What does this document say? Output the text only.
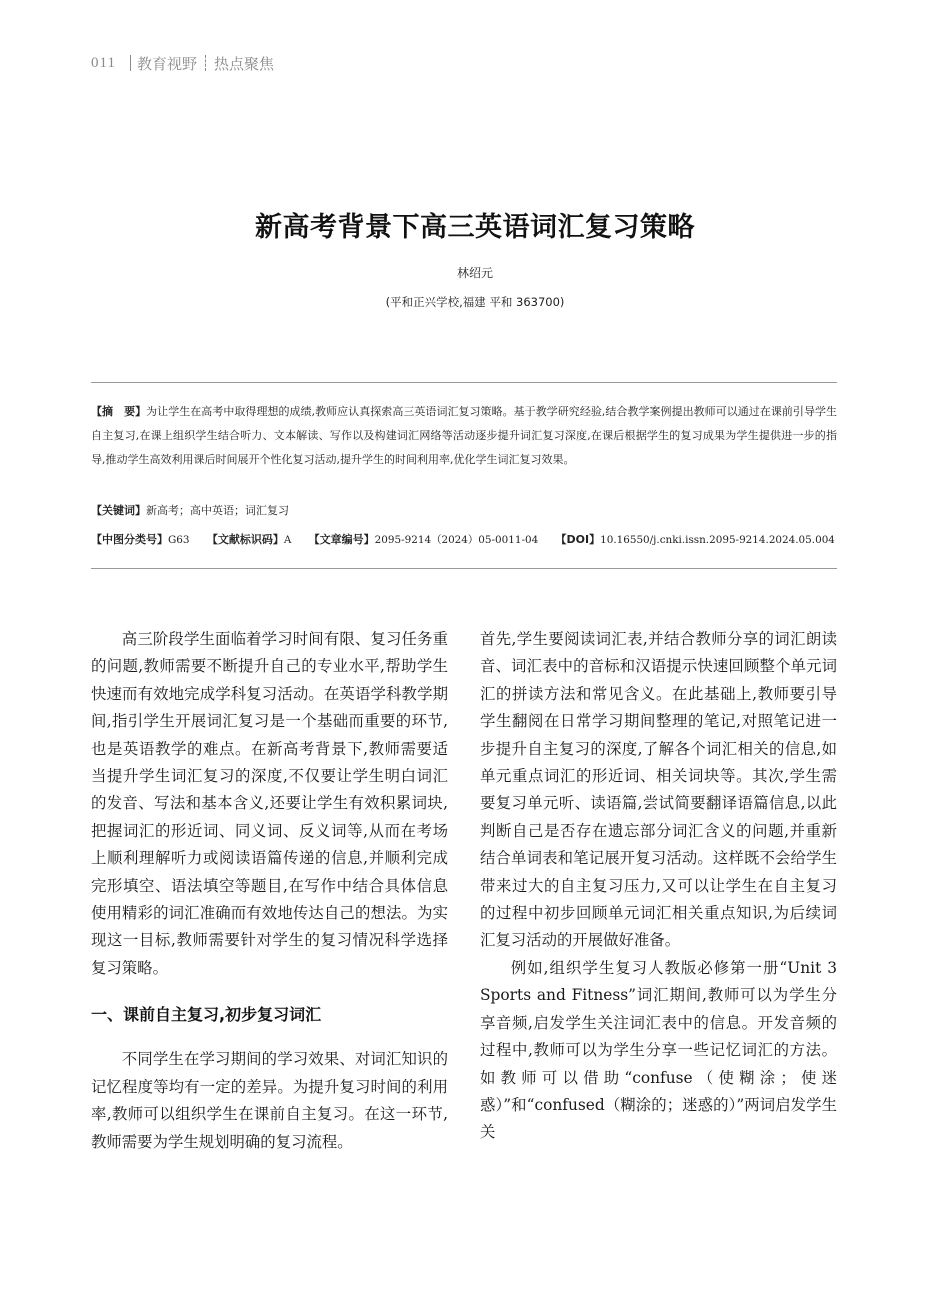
011 教育视野 热点聚焦
新高考背景下高三英语词汇复习策略
林绍元
(平和正兴学校,福建 平和 363700)
【摘　要】为让学生在高考中取得理想的成绩,教师应认真探索高三英语词汇复习策略。基于教学研究经验,结合教学案例提出教师可以通过在课前引导学生自主复习,在课上组织学生结合听力、文本解读、写作以及构建词汇网络等活动逐步提升词汇复习深度,在课后根据学生的复习成果为学生提供进一步的指导,推动学生高效利用课后时间展开个性化复习活动,提升学生的时间利用率,优化学生词汇复习效果。
【关键词】新高考；高中英语；词汇复习
【中图分类号】G63 【文献标识码】A 【文章编号】2095-9214（2024）05-0011-04 【DOI】10.16550/j.cnki.issn.2095-9214.2024.05.004

高三阶段学生面临着学习时间有限、复习任务重的问题,教师需要不断提升自己的专业水平,帮助学生快速而有效地完成学科复习活动。在英语学科教学期间,指引学生开展词汇复习是一个基础而重要的环节,也是英语教学的难点。在新高考背景下,教师需要适当提升学生词汇复习的深度,不仅要让学生明白词汇的发音、写法和基本含义,还要让学生有效积累词块,把握词汇的形近词、同义词、反义词等,从而在考场上顺利理解听力或阅读语篇传递的信息,并顺利完成完形填空、语法填空等题目,在写作中结合具体信息使用精彩的词汇准确而有效地传达自己的想法。为实现这一目标,教师需要针对学生的复习情况科学选择复习策略。

一、课前自主复习,初步复习词汇

不同学生在学习期间的学习效果、对词汇知识的记忆程度等均有一定的差异。为提升复习时间的利用率,教师可以组织学生在课前自主复习。在这一环节,教师需要为学生规划明确的复习流程。

首先,学生要阅读词汇表,并结合教师分享的词汇朗读音、词汇表中的音标和汉语提示快速回顾整个单元词汇的拼读方法和常见含义。在此基础上,教师要引导学生翻阅在日常学习期间整理的笔记,对照笔记进一步提升自主复习的深度,了解各个词汇相关的信息,如单元重点词汇的形近词、相关词块等。其次,学生需要复习单元听、读语篇,尝试简要翻译语篇信息,以此判断自己是否存在遗忘部分词汇含义的问题,并重新结合单词表和笔记展开复习活动。这样既不会给学生带来过大的自主复习压力,又可以让学生在自主复习的过程中初步回顾单元词汇相关重点知识,为后续词汇复习活动的开展做好准备。

例如,组织学生复习人教版必修第一册“Unit 3 Sports and Fitness”词汇期间,教师可以为学生分享音频,启发学生关注词汇表中的信息。开发音频的过程中,教师可以为学生分享一些记忆词汇的方法。如教师可以借助“confuse（使糊涂；使迷惑）”和“confused（糊涂的；迷惑的）”两词启发学生关
